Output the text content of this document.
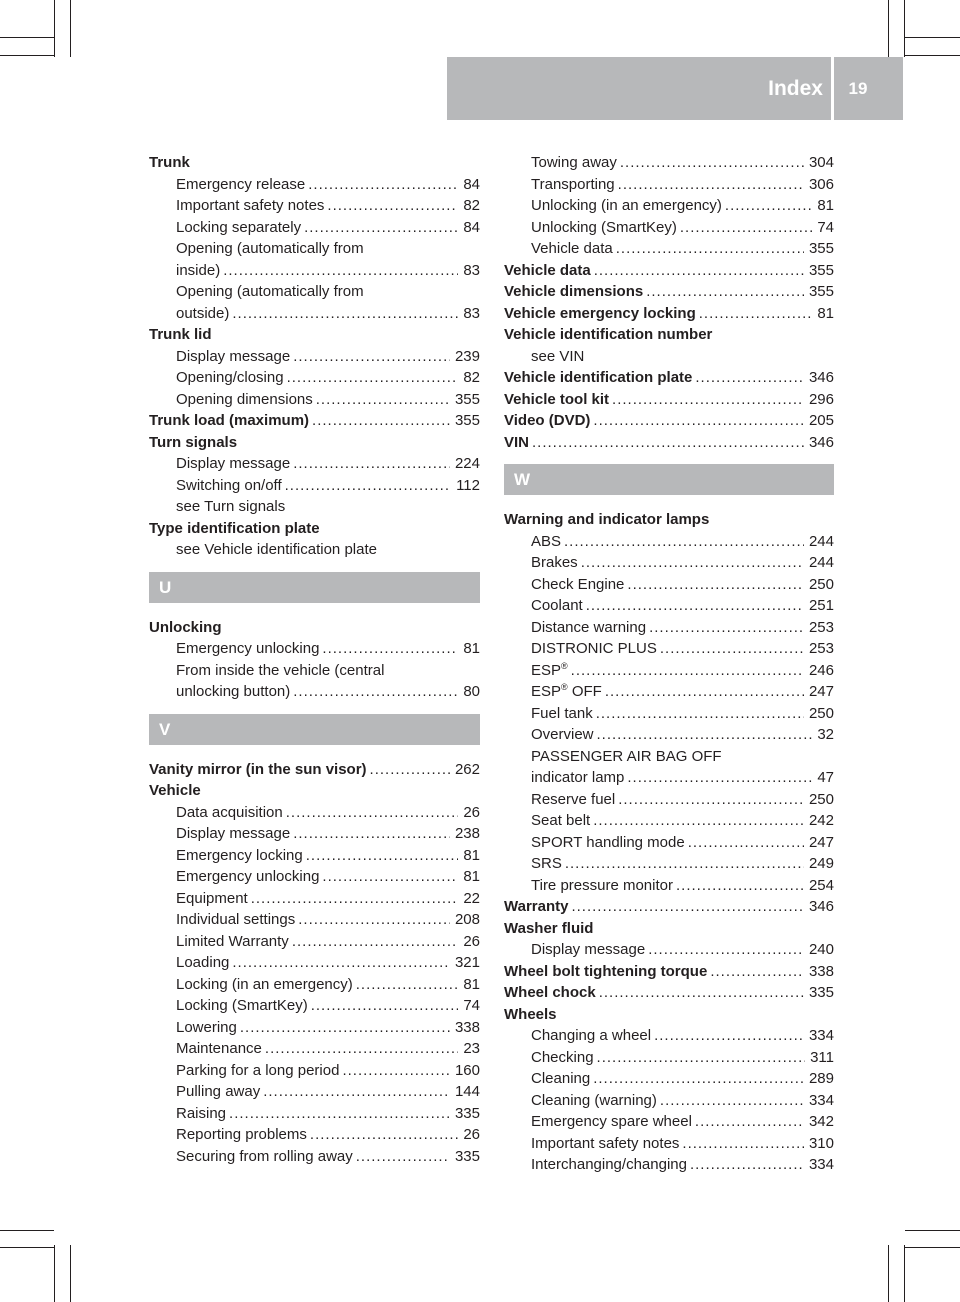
Index	19
Trunk
Emergency release .....	84
Important safety notes .....	82
Locking separately .....	84
Opening (automatically from
inside) .....	83
Opening (automatically from
outside) .....	83
Trunk lid
Display message .....	239
Opening/closing .....	82
Opening dimensions .....	355
Trunk load (maximum) .....	355
Turn signals
Display message .....	224
Switching on/off .....	112
see Turn signals
Type identification plate
see Vehicle identification plate
U
Unlocking
Emergency unlocking .....	81
From inside the vehicle (central
unlocking button) .....	80
V
Vanity mirror (in the sun visor) .....	262
Vehicle
Data acquisition .....	26
Display message .....	238
Emergency locking .....	81
Emergency unlocking .....	81
Equipment .....	22
Individual settings .....	208
Limited Warranty .....	26
Loading .....	321
Locking (in an emergency) .....	81
Locking (SmartKey) .....	74
Lowering .....	338
Maintenance .....	23
Parking for a long period .....	160
Pulling away .....	144
Raising .....	335
Reporting problems .....	26
Securing from rolling away .....	335
Towing away .....	304
Transporting .....	306
Unlocking (in an emergency) .....	81
Unlocking (SmartKey) .....	74
Vehicle data .....	355
Vehicle data .....	355
Vehicle dimensions .....	355
Vehicle emergency locking .....	81
Vehicle identification number
see VIN
Vehicle identification plate .....	346
Vehicle tool kit .....	296
Video (DVD) .....	205
VIN .....	346
W
Warning and indicator lamps
ABS .....	244
Brakes .....	244
Check Engine .....	250
Coolant .....	251
Distance warning .....	253
DISTRONIC PLUS .....	253
ESP® .....	246
ESP® OFF .....	247
Fuel tank .....	250
Overview .....	32
PASSENGER AIR BAG OFF
indicator lamp .....	47
Reserve fuel .....	250
Seat belt .....	242
SPORT handling mode .....	247
SRS .....	249
Tire pressure monitor .....	254
Warranty .....	346
Washer fluid
Display message .....	240
Wheel bolt tightening torque .....	338
Wheel chock .....	335
Wheels
Changing a wheel .....	334
Checking .....	311
Cleaning .....	289
Cleaning (warning) .....	334
Emergency spare wheel .....	342
Important safety notes .....	310
Interchanging/changing .....	334
